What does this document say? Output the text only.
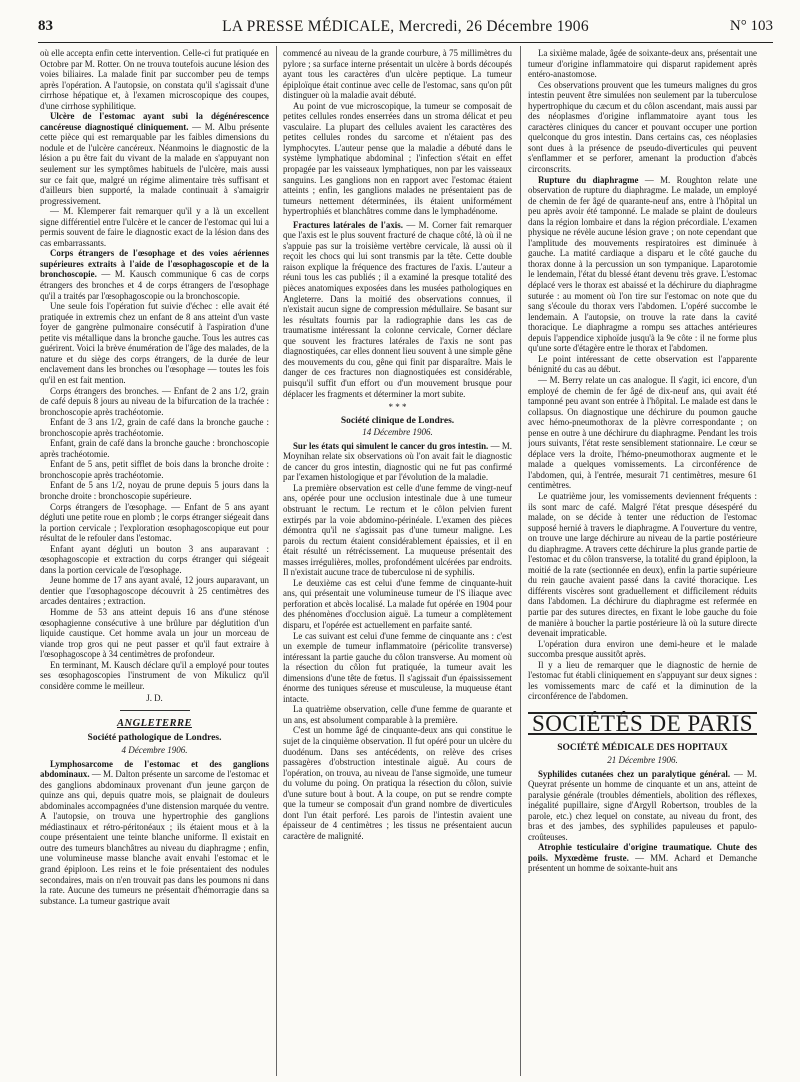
83	LA PRESSE MÉDICALE, Mercredi, 26 Décembre 1906	N° 103

où elle accepta enfin cette intervention. Celle-ci fut pratiquée en Octobre par M. Rotter. On ne trouva toutefois aucune lésion des voies biliaires. La malade finit par succomber peu de temps après l'opération. A l'autopsie, on constata qu'il s'agissait d'une cirrhose hépatique et, à l'examen microscopique des coupes, d'une cirrhose syphilitique.

Ulcère de l'estomac ayant subi la dégénérescence cancéreuse diagnostiqué cliniquement. — M. Albu présente cette pièce qui est remarquable par les faibles dimensions du nodule et de l'ulcère cancéreux. Néanmoins le diagnostic de la lésion a pu être fait du vivant de la malade en s'appuyant non seulement sur les symptômes habituels de l'ulcère, mais aussi sur ce fait que, malgré un régime alimentaire très suffisant et d'ailleurs bien supporté, la malade continuait à s'amaigrir progressivement.

— M. Klemperer fait remarquer qu'il y a là un excellent signe différentiel entre l'ulcère et le cancer de l'estomac qui lui a permis souvent de faire le diagnostic exact de la lésion dans des cas embarrassants.

Corps étrangers de l'œsophage et des voies aériennes supérieures extraits à l'aide de l'œsophagoscopie et de la bronchoscopie. — M. Kausch communique 6 cas de corps étrangers des bronches et 4 de corps étrangers de l'œsophage qu'il a traités par l'œsophagoscopie ou la bronchoscopie.

Une seule fois l'opération fut suivie d'échec : elle avait été pratiquée in extremis chez un enfant de 8 ans atteint d'un vaste foyer de gangrène pulmonaire consécutif à l'aspiration d'une petite vis métallique dans la bronche gauche. Tous les autres cas guérirent. Voici la brève énumération de l'âge des malades, de la nature et du siège des corps étrangers, de la durée de leur enclavement dans les bronches ou l'œsophage — toutes les fois qu'il en est fait mention.

Corps étrangers des bronches. — Enfant de 2 ans 1/2, grain de café depuis 8 jours au niveau de la bifurcation de la trachée : bronchoscopie après trachéotomie.

Enfant de 3 ans 1/2, grain de café dans la bronche gauche : bronchoscopie après trachéotomie.

Enfant, grain de café dans la bronche gauche : bronchoscopie après trachéotomie.

Enfant de 5 ans, petit sifflet de bois dans la bronche droite : bronchoscopie après trachéotomie.

Enfant de 5 ans 1/2, noyau de prune depuis 5 jours dans la bronche droite : bronchoscopie supérieure.

Corps étrangers de l'œsophage. — Enfant de 5 ans ayant dégluti une petite roue en plomb ; le corps étranger siégeait dans la portion cervicale ; l'exploration œsophagoscopique eut pour résultat de le refouler dans l'estomac.

Enfant ayant dégluti un bouton 3 ans auparavant : œsophagoscopie et extraction du corps étranger qui siégeait dans la portion cervicale de l'œsophage.

Jeune homme de 17 ans ayant avalé, 12 jours auparavant, un dentier que l'œsophagoscope découvrit à 25 centimètres des arcades dentaires ; extraction.

Homme de 53 ans atteint depuis 16 ans d'une sténose œsophagienne consécutive à une brûlure par déglutition d'un liquide caustique. Cet homme avala un jour un morceau de viande trop gros qui ne peut passer et qu'il faut extraire à l'œsophagoscope à 34 centimètres de profondeur.

En terminant, M. Kausch déclare qu'il a employé pour toutes ses œsophagoscopies l'instrument de von Mikulicz qu'il considère comme le meilleur.

J. D.
ANGLETERRE
Société pathologique de Londres.
4 Décembre 1906.

Lymphosarcome de l'estomac et des ganglions abdominaux. — M. Dalton présente un sarcome de l'estomac et des ganglions abdominaux provenant d'un jeune garçon de quinze ans qui, depuis quatre mois, se plaignait de douleurs abdominales accompagnées d'une distension marquée du ventre. A l'autopsie, on trouva une hypertrophie des ganglions médiastinaux et rétro-péritonéaux ; ils étaient mous et à la coupe présentaient une teinte blanche uniforme. Il existait en outre des tumeurs blanchâtres au niveau du diaphragme ; enfin, une volumineuse masse blanche avait envahi l'estomac et le grand épiploon. Les reins et le foie présentaient des nodules secondaires, mais on n'en trouvait pas dans les poumons ni dans la rate. Aucune des tumeurs ne présentait d'hémorragie dans sa substance. La tumeur gastrique avait

commencé au niveau de la grande courbure, à 75 millimètres du pylore ; sa surface interne présentait un ulcère à bords découpés ayant tous les caractères d'un ulcère peptique. La tumeur épiploïque était continue avec celle de l'estomac, sans qu'on pût distinguer où la maladie avait débuté.

Au point de vue microscopique, la tumeur se composait de petites cellules rondes enserrées dans un stroma délicat et peu vasculaire. La plupart des cellules avaient les caractères des petites cellules rondes du sarcome et n'étaient pas des lymphocytes. L'auteur pense que la maladie a débuté dans le système lymphatique abdominal ; l'infection s'était en effet propagée par les vaisseaux lymphatiques, non par les vaisseaux sanguins. Les ganglions non en rapport avec l'estomac étaient atteints ; enfin, les ganglions malades ne présentaient pas de tumeurs nettement déterminées, ils étaient uniformément hypertrophiés et blanchâtres comme dans le lymphadénome.

Fractures latérales de l'axis. — M. Corner fait remarquer que l'axis est le plus souvent fracturé de chaque côté, là où il ne s'appuie pas sur la troisième vertèbre cervicale, là aussi où il reçoit les chocs qui lui sont transmis par la tête. Cette double raison explique la fréquence des fractures de l'axis. L'auteur a réuni tous les cas publiés ; il a examiné la presque totalité des pièces anatomiques exposées dans les musées pathologiques en Angleterre. Dans la moitié des observations connues, il n'existait aucun signe de compression médullaire. Se basant sur les résultats fournis par la radiographie dans les cas de traumatisme intéressant la colonne cervicale, Corner déclare que souvent les fractures latérales de l'axis ne sont pas diagnostiquées, car elles donnent lieu souvent à une simple gêne des mouvements du cou, gêne qui finit par disparaître. Mais le danger de ces fractures non diagnostiquées est considérable, puisqu'il suffit d'un effort ou d'un mouvement brusque pour déplacer les fragments et déterminer la mort subite.

* * *
Société clinique de Londres.
14 Décembre 1906.

Sur les états qui simulent le cancer du gros intestin. — M. Moynihan relate six observations où l'on avait fait le diagnostic de cancer du gros intestin, diagnostic qui ne fut pas confirmé par l'examen histologique et par l'évolution de la maladie.

La première observation est celle d'une femme de vingt-neuf ans, opérée pour une occlusion intestinale due à une tumeur obstruant le rectum. Le rectum et le côlon pelvien furent extirpés par la voie abdomino-périnéale. L'examen des pièces démontra qu'il ne s'agissait pas d'une tumeur maligne. Les parois du rectum étaient considérablement épaissies, et il en était résulté un rétrécissement. La muqueuse présentait des masses irrégulières, molles, profondément ulcérées par endroits. Il n'existait aucune trace de tuberculose ni de syphilis.

Le deuxième cas est celui d'une femme de cinquante-huit ans, qui présentait une volumineuse tumeur de l'S iliaque avec perforation et abcès localisé. La malade fut opérée en 1904 pour des phénomènes d'occlusion aiguë. La tumeur a complètement disparu, et l'opérée est actuellement en parfaite santé.

Le cas suivant est celui d'une femme de cinquante ans : c'est un exemple de tumeur inflammatoire (péricolite transverse) intéressant la partie gauche du côlon transverse. Au moment où la résection du côlon fut pratiquée, la tumeur avait les dimensions d'une tête de fœtus. Il s'agissait d'un épaississement énorme des tuniques séreuse et musculeuse, la muqueuse étant intacte.

La quatrième observation, celle d'une femme de quarante et un ans, est absolument comparable à la première.

C'est un homme âgé de cinquante-deux ans qui constitue le sujet de la cinquième observation. Il fut opéré pour un ulcère du duodénum. Dans ses antécédents, on relève des crises passagères d'obstruction intestinale aiguë. Au cours de l'opération, on trouva, au niveau de l'anse sigmoïde, une tumeur du volume du poing. On pratiqua la résection du côlon, suivie d'une suture bout à bout. A la coupe, on put se rendre compte que la tumeur se composait d'un grand nombre de diverticules dont l'un était perforé. Les parois de l'intestin avaient une épaisseur de 4 centimètres ; les tissus ne présentaient aucun caractère de malignité.

La sixième malade, âgée de soixante-deux ans, présentait une tumeur d'origine inflammatoire qui disparut rapidement après entéro-anastomose.

Ces observations prouvent que les tumeurs malignes du gros intestin peuvent être simulées non seulement par la tuberculose hypertrophique du cæcum et du côlon ascendant, mais aussi par des néoplasmes d'origine inflammatoire ayant tous les caractères cliniques du cancer et pouvant occuper une portion quelconque du gros intestin. Dans certains cas, ces néoplasies sont dues à la présence de pseudo-diverticules qui peuvent s'enflammer et se perforer, amenant la production d'abcès circonscrits.

Rupture du diaphragme — M. Roughton relate une observation de rupture du diaphragme. Le malade, un employé de chemin de fer âgé de quarante-neuf ans, entre à l'hôpital un peu après avoir été tamponné. Le malade se plaint de douleurs dans la région lombaire et dans la région précordiale. L'examen physique ne révèle aucune lésion grave ; on note cependant que l'amplitude des mouvements respiratoires est diminuée à gauche. La matité cardiaque a disparu et le côté gauche du thorax donne à la percussion un son tympanique. Laparotomie le lendemain, l'état du blessé étant devenu très grave. L'estomac déplacé vers le thorax est abaissé et la déchirure du diaphragme suturée : au moment où l'on tire sur l'estomac on note que du sang s'écoule du thorax vers l'abdomen. L'opéré succombe le lendemain. A l'autopsie, on trouve la rate dans la cavité thoracique. Le diaphragme a rompu ses attaches antérieures depuis l'appendice xiphoïde jusqu'à la 9e côte : il ne forme plus qu'une sorte d'étagère entre le thorax et l'abdomen.

Le point intéressant de cette observation est l'apparente bénignité du cas au début.

— M. Berry relate un cas analogue. Il s'agit, ici encore, d'un employé de chemin de fer âgé de dix-neuf ans, qui avait été tamponné peu avant son entrée à l'hôpital. Le malade est dans le collapsus. On diagnostique une déchirure du poumon gauche avec hémo-pneumothorax de la plèvre correspondante ; on pense en outre à une déchirure du diaphragme. Pendant les trois jours suivants, l'état reste sensiblement stationnaire. Le cœur se déplace vers la droite, l'hémo-pneumothorax augmente et le malade a quelques vomissements. La circonférence de l'abdomen, qui, à l'entrée, mesurait 71 centimètres, mesure 61 centimètres.

Le quatrième jour, les vomissements deviennent fréquents : ils sont marc de café. Malgré l'état presque désespéré du malade, on se décide à tenter une réduction de l'estomac supposé hernié à travers le diaphragme. A l'ouverture du ventre, on trouve une large déchirure au niveau de la partie postérieure du diaphragme. A travers cette déchirure la plus grande partie de l'estomac et du côlon transverse, la totalité du grand épiploon, la moitié de la rate (sectionnée en deux), enfin la partie supérieure du rein gauche avaient passé dans la cavité thoracique. Les différents viscères sont graduellement et difficilement réduits dans l'abdomen. La déchirure du diaphragme est refermée en partie par des sutures directes, en fixant le lobe gauche du foie de manière à boucher la partie postérieure là où la suture directe devenait impraticable.

L'opération dura environ une demi-heure et le malade succomba presque aussitôt après.

Il y a lieu de remarquer que le diagnostic de hernie de l'estomac fut établi cliniquement en s'appuyant sur deux signes : les vomissements marc de café et la diminution de la circonférence de l'abdomen.

SOCIÉTÉS DE PARIS
SOCIÉTÉ MÉDICALE DES HOPITAUX
21 Décembre 1906.

Syphilides cutanées chez un paralytique général. — M. Queyrat présente un homme de cinquante et un ans, atteint de paralysie générale (troubles démentiels, abolition des réflexes, inégalité pupillaire, signe d'Argyll Robertson, troubles de la parole, etc.) chez lequel on constate, au niveau du front, des bras et des jambes, des syphilides papuleuses et papulo-croûteuses.

Atrophie testiculaire d'origine traumatique. Chute des poils. Myxœdème fruste. — MM. Achard et Demanche présentent un homme de soixante-huit ans
